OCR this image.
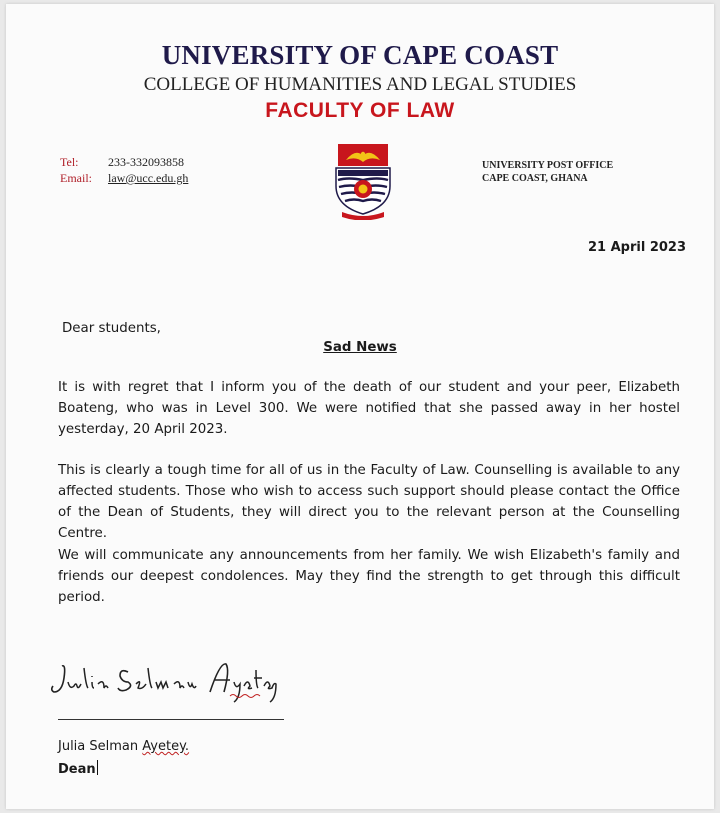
UNIVERSITY OF CAPE COAST
COLLEGE OF HUMANITIES AND LEGAL STUDIES
FACULTY OF LAW
Tel:	233-332093858
Email:	law@ucc.edu.gh
UNIVERSITY POST OFFICE
CAPE COAST, GHANA
21 April 2023
Dear students,
Sad News

It is with regret that I inform you of the death of our student and your peer, Elizabeth Boateng, who was in Level 300. We were notified that she passed away in her hostel yesterday, 20 April 2023.

This is clearly a tough time for all of us in the Faculty of Law. Counselling is available to any affected students. Those who wish to access such support should please contact the Office of the Dean of Students, they will direct you to the relevant person at the Counselling Centre.

We will communicate any announcements from her family. We wish Elizabeth's family and friends our deepest condolences. May they find the strength to get through this difficult period.

Julia Selman Ayetey.
Dean
